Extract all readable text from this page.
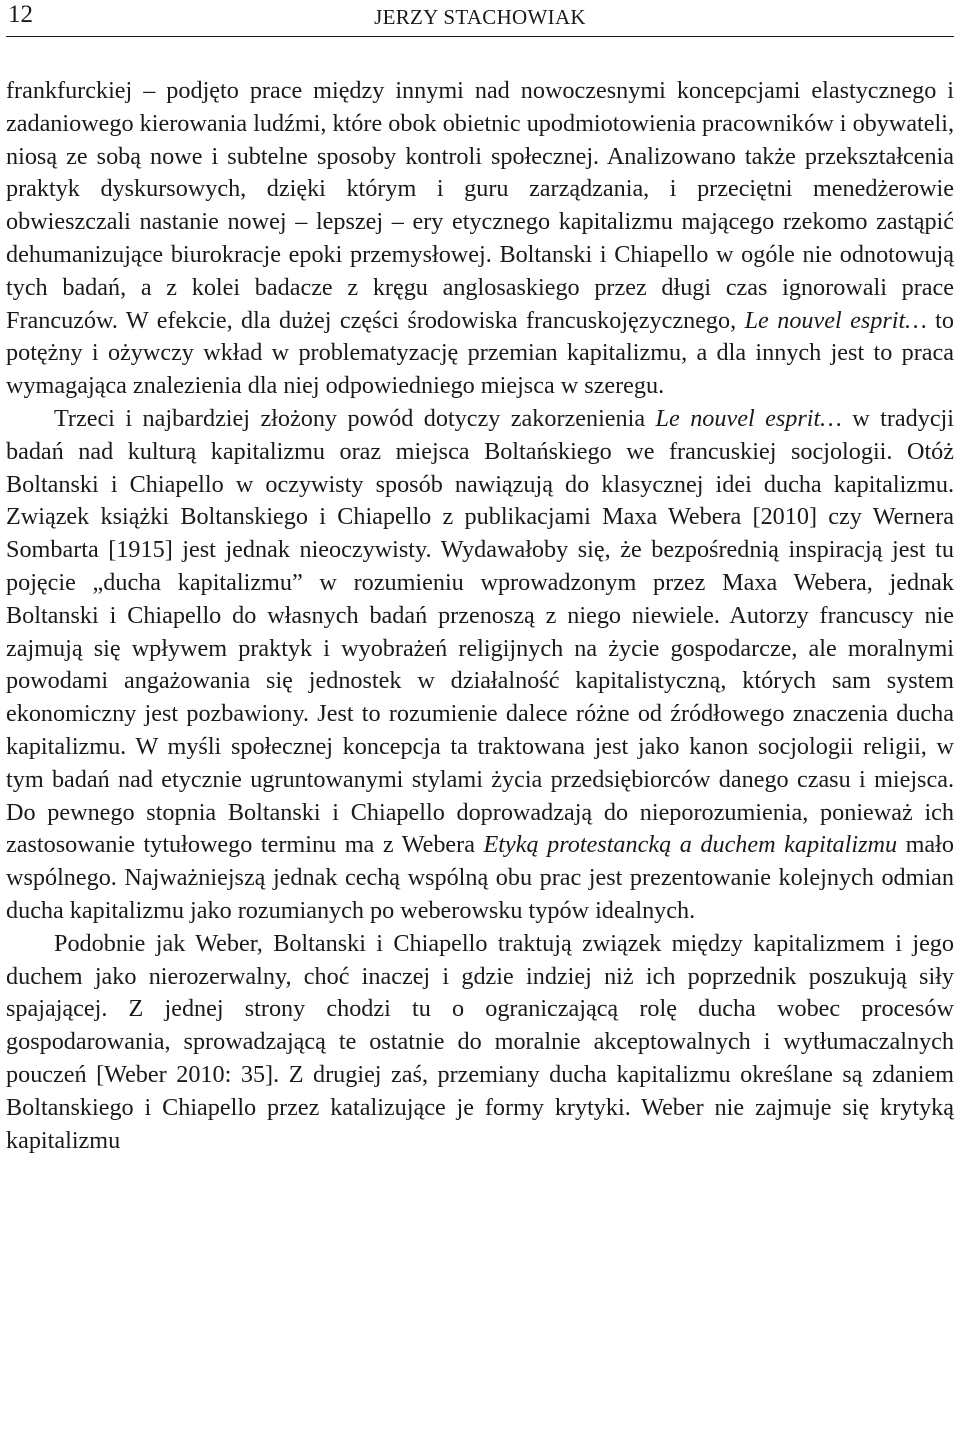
12	JERZY STACHOWIAK

frankfurckiej – podjęto prace między innymi nad nowoczesnymi koncepcjami elastycznego i zadaniowego kierowania ludźmi, które obok obietnic upodmiotowienia pracowników i obywateli, niosą ze sobą nowe i subtelne sposoby kontroli społecznej. Analizowano także przekształcenia praktyk dyskursowych, dzięki którym i guru zarządzania, i przeciętni menedżerowie obwieszczali nastanie nowej – lepszej – ery etycznego kapitalizmu mającego rzekomo zastąpić dehumanizujące biurokracje epoki przemysłowej. Boltanski i Chiapello w ogóle nie odnotowują tych badań, a z kolei badacze z kręgu anglosaskiego przez długi czas ignorowali prace Francuzów. W efekcie, dla dużej części środowiska francuskojęzycznego, Le nouvel esprit… to potężny i ożywczy wkład w problematyzację przemian kapitalizmu, a dla innych jest to praca wymagająca znalezienia dla niej odpowiedniego miejsca w szeregu.

Trzeci i najbardziej złożony powód dotyczy zakorzenienia Le nouvel esprit… w tradycji badań nad kulturą kapitalizmu oraz miejsca Boltańskiego we francuskiej socjologii. Otóż Boltanski i Chiapello w oczywisty sposób nawiązują do klasycznej idei ducha kapitalizmu. Związek książki Boltanskiego i Chiapello z publikacjami Maxa Webera [2010] czy Wernera Sombarta [1915] jest jednak nieoczywisty. Wydawałoby się, że bezpośrednią inspiracją jest tu pojęcie „ducha kapitalizmu” w rozumieniu wprowadzonym przez Maxa Webera, jednak Boltanski i Chiapello do własnych badań przenoszą z niego niewiele. Autorzy francuscy nie zajmują się wpływem praktyk i wyobrażeń religijnych na życie gospodarcze, ale moralnymi powodami angażowania się jednostek w działalność kapitalistyczną, których sam system ekonomiczny jest pozbawiony. Jest to rozumienie dalece różne od źródłowego znaczenia ducha kapitalizmu. W myśli społecznej koncepcja ta traktowana jest jako kanon socjologii religii, w tym badań nad etycznie ugruntowanymi stylami życia przedsiębiorców danego czasu i miejsca. Do pewnego stopnia Boltanski i Chiapello doprowadzają do nieporozumienia, ponieważ ich zastosowanie tytułowego terminu ma z Webera Etyką protestancką a duchem kapitalizmu mało wspólnego. Najważniejszą jednak cechą wspólną obu prac jest prezentowanie kolejnych odmian ducha kapitalizmu jako rozumianych po weberowsku typów idealnych.

Podobnie jak Weber, Boltanski i Chiapello traktują związek między kapitalizmem i jego duchem jako nierozerwalny, choć inaczej i gdzie indziej niż ich poprzednik poszukują siły spajającej. Z jednej strony chodzi tu o ograniczającą rolę ducha wobec procesów gospodarowania, sprowadzającą te ostatnie do moralnie akceptowalnych i wytłumaczalnych pouczeń [Weber 2010: 35]. Z drugiej zaś, przemiany ducha kapitalizmu określane są zdaniem Boltanskiego i Chiapello przez katalizujące je formy krytyki. Weber nie zajmuje się krytyką kapitalizmu
